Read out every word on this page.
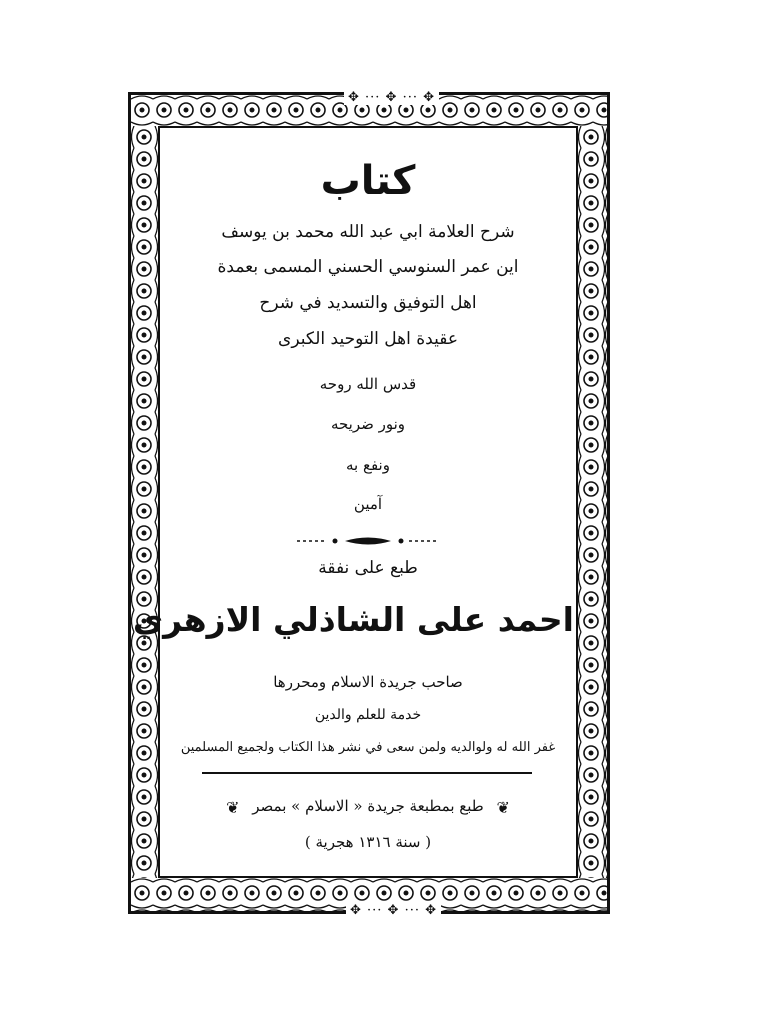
✥ ··· ✥ ··· ✥
✥ ··· ✥ ··· ✥
كتاب
شرح العلامة ابي عبد الله محمد بن يوسف
اين عمر السنوسي الحسني المسمى بعمدة
اهل التوفيق والتسديد في شرح
عقيدة اهل التوحيد الكبرى
قدس الله روحه
ونور ضريحه
ونفع به
آمين
طبع على نفقة
احمد على الشاذلي الازهري
صاحب جريدة الاسلام ومحررها
خدمة للعلم والدين
غفر الله له ولوالديه ولمن سعى في نشر هذا الكتاب ولجميع المسلمين
❦ طبع بمطبعة جريدة « الاسلام » بمصر ❦
( سنة ١٣١٦ هجرية )
